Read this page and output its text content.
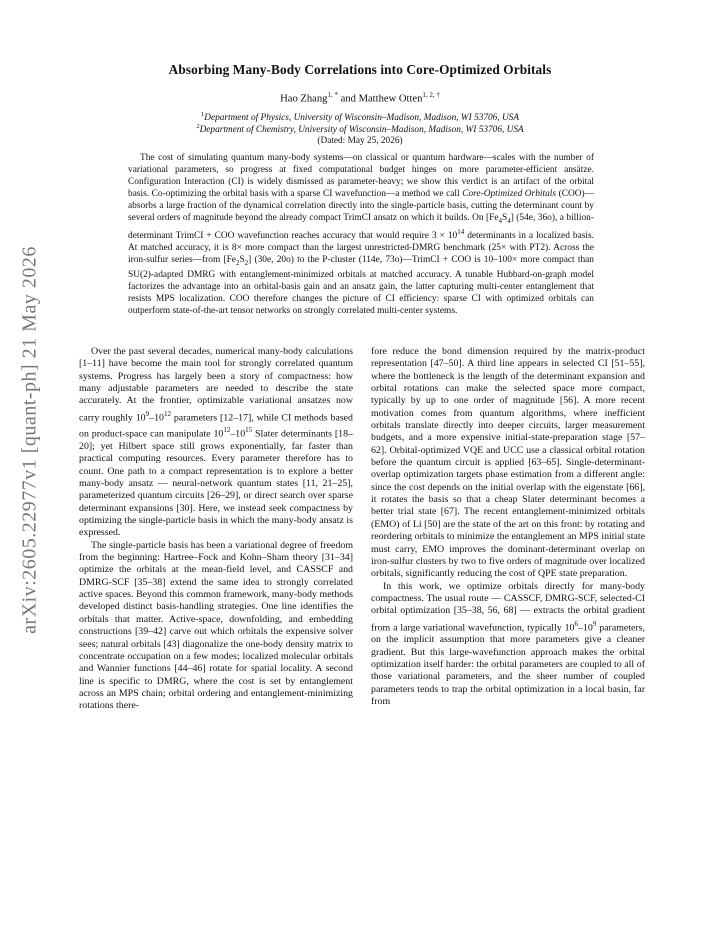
arXiv:2605.22977v1 [quant-ph] 21 May 2026
Absorbing Many-Body Correlations into Core-Optimized Orbitals
Hao Zhang$^{1, *}$ and Matthew Otten$^{1, 2, \dagger}$
$^1$Department of Physics, University of Wisconsin–Madison, Madison, WI 53706, USA
$^2$Department of Chemistry, University of Wisconsin–Madison, Madison, WI 53706, USA
(Dated: May 25, 2026)
The cost of simulating quantum many-body systems—on classical or quantum hardware—scales with the number of variational parameters, so progress at fixed computational budget hinges on more parameter-efficient ansätze. Configuration Interaction (CI) is widely dismissed as parameter-heavy; we show this verdict is an artifact of the orbital basis. Co-optimizing the orbital basis with a sparse CI wavefunction—a method we call Core-Optimized Orbitals (COO)—absorbs a large fraction of the dynamical correlation directly into the single-particle basis, cutting the determinant count by several orders of magnitude beyond the already compact TrimCI ansatz on which it builds. On $[Fe_4S_4]$ (54e, 36o), a billion-determinant TrimCI + COO wavefunction reaches accuracy that would require $3 \times 10^{14}$ determinants in a localized basis. At matched accuracy, it is 8× more compact than the largest unrestricted-DMRG benchmark (25× with PT2). Across the iron-sulfur series—from $[Fe_2S_2]$ (30e, 20o) to the P-cluster (114e, 73o)—TrimCI + COO is 10–100× more compact than SU(2)-adapted DMRG with entanglement-minimized orbitals at matched accuracy. A tunable Hubbard-on-graph model factorizes the advantage into an orbital-basis gain and an ansatz gain, the latter capturing multi-center entanglement that resists MPS localization. COO therefore changes the picture of CI efficiency: sparse CI with optimized orbitals can outperform state-of-the-art tensor networks on strongly correlated multi-center systems.

Over the past several decades, numerical many-body calculations [1–11] have become the main tool for strongly correlated quantum systems. Progress has largely been a story of compactness: how many adjustable parameters are needed to describe the state accurately. At the frontier, optimizable variational ansatzes now carry roughly $10^9-10^{12}$ parameters [12–17], while CI methods based on product-space can manipulate $10^{12}-10^{15}$ Slater determinants [18–20]; yet Hilbert space still grows exponentially, far faster than practical computing resources. Every parameter therefore has to count. One path to a compact representation is to explore a better many-body ansatz — neural-network quantum states [11, 21–25], parameterized quantum circuits [26–29], or direct search over sparse determinant expansions [30]. Here, we instead seek compactness by optimizing the single-particle basis in which the many-body ansatz is expressed.

The single-particle basis has been a variational degree of freedom from the beginning: Hartree–Fock and Kohn–Sham theory [31–34] optimize the orbitals at the mean-field level, and CASSCF and DMRG-SCF [35–38] extend the same idea to strongly correlated active spaces. Beyond this common framework, many-body methods developed distinct basis-handling strategies. One line identifies the orbitals that matter. Active-space, downfolding, and embedding constructions [39–42] carve out which orbitals the expensive solver sees; natural orbitals [43] diagonalize the one-body density matrix to concentrate occupation on a few modes; localized molecular orbitals and Wannier functions [44–46] rotate for spatial locality. A second line is specific to DMRG, where the cost is set by entanglement across an MPS chain; orbital ordering and entanglement-minimizing rotations there-

fore reduce the bond dimension required by the matrix-product representation [47–50]. A third line appears in selected CI [51–55], where the bottleneck is the length of the determinant expansion and orbital rotations can make the selected space more compact, typically by up to one order of magnitude [56]. A more recent motivation comes from quantum algorithms, where inefficient orbitals translate directly into deeper circuits, larger measurement budgets, and a more expensive initial-state-preparation stage [57–62]. Orbital-optimized VQE and UCC use a classical orbital rotation before the quantum circuit is applied [63–65]. Single-determinant-overlap optimization targets phase estimation from a different angle: since the cost depends on the initial overlap with the eigenstate [66], it rotates the basis so that a cheap Slater determinant becomes a better trial state [67]. The recent entanglement-minimized orbitals (EMO) of Li [50] are the state of the art on this front: by rotating and reordering orbitals to minimize the entanglement an MPS initial state must carry, EMO improves the dominant-determinant overlap on iron-sulfur clusters by two to five orders of magnitude over localized orbitals, significantly reducing the cost of QPE state preparation.

In this work, we optimize orbitals directly for many-body compactness. The usual route — CASSCF, DMRG-SCF, selected-CI orbital optimization [35–38, 56, 68] — extracts the orbital gradient from a large variational wavefunction, typically $10^6-10^9$ parameters, on the implicit assumption that more parameters give a cleaner gradient. But this large-wavefunction approach makes the orbital optimization itself harder: the orbital parameters are coupled to all of those variational parameters, and the sheer number of coupled parameters tends to trap the orbital optimization in a local basin, far from
